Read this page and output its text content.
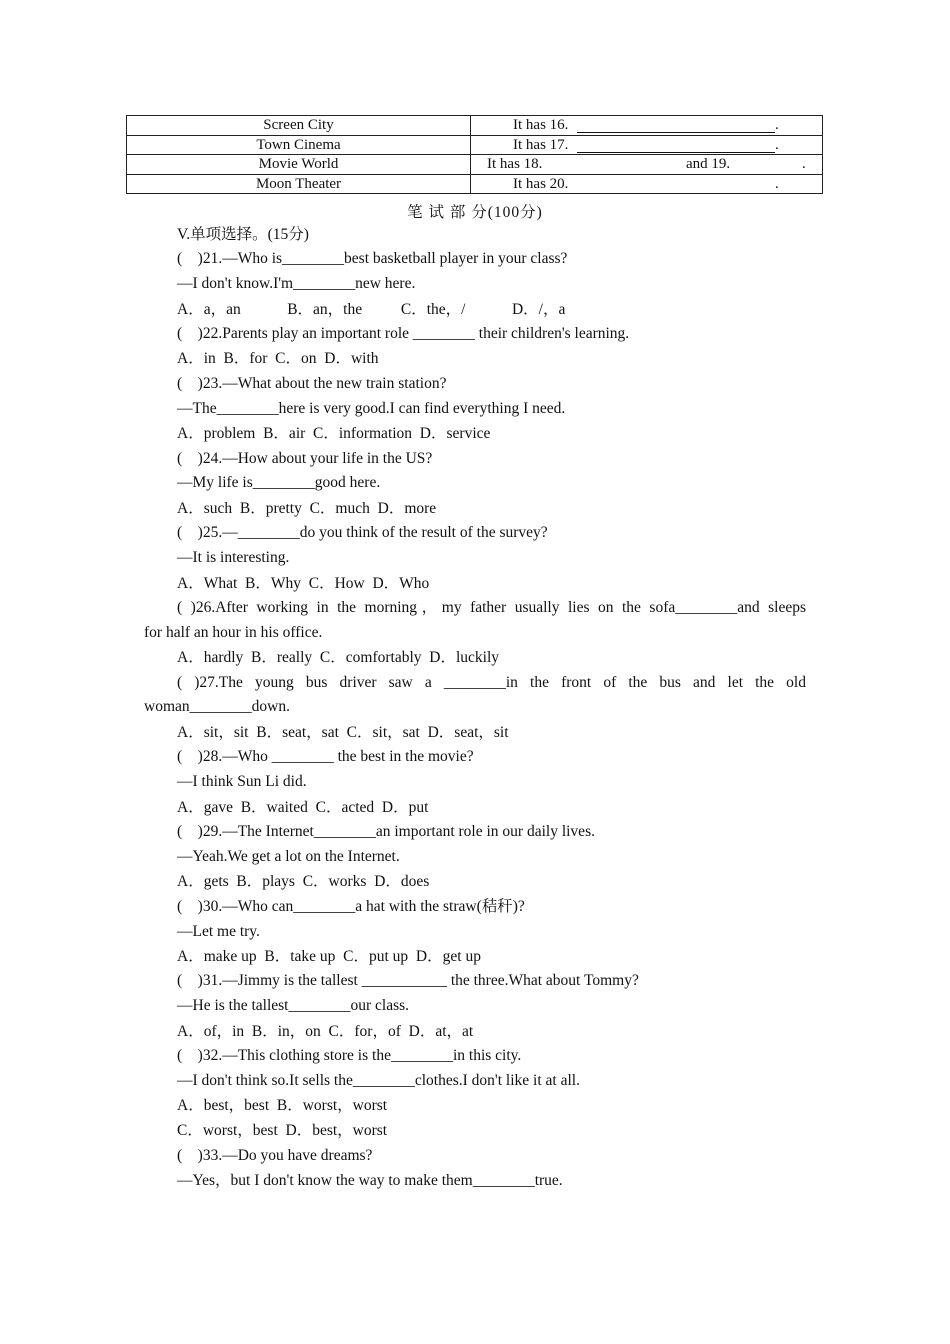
Screen City	It has 16. .

Town Cinema	It has 17. .

Movie World	It has 18. and 19. .

Moon Theater	It has 20. .
笔 试 部 分(100分)
V.单项选择。(15分)
(    )21.—Who is________best basketball player in your class?
—I don't know.I'm________new here.
A．a，an            B．an，the          C．the，/            D．/，a
(    )22.Parents play an important role ________ their children's learning.
A．in  B．for  C．on  D．with
(    )23.—What about the new train station?
—The________here is very good.I can find everything I need.
A．problem  B．air  C．information  D．service
(    )24.—How about your life in the US?
—My life is________good here.
A．such  B．pretty  C．much  D．more
(    )25.—________do you think of the result of the survey?
—It is interesting.
A．What  B．Why  C．How  D．Who
( )26.After working in the morning，my father usually lies on the sofa________and sleeps
for half an hour in his office.
A．hardly  B．really  C．comfortably  D．luckily
( )27.The young bus driver saw a ________in the front of the bus and let the old
woman________down.
A．sit，sit  B．seat，sat  C．sit，sat  D．seat，sit
(    )28.—Who ________ the best in the movie?
—I think Sun Li did.
A．gave  B．waited  C．acted  D．put
(    )29.—The Internet________an important role in our daily lives.
—Yeah.We get a lot on the Internet.
A．gets  B．plays  C．works  D．does
(    )30.—Who can________a hat with the straw(秸秆)?
—Let me try.
A．make up  B．take up  C．put up  D．get up
(    )31.—Jimmy is the tallest ___________ the three.What about Tommy?
—He is the tallest________our class.
A．of，in  B．in，on  C．for，of  D．at，at
(    )32.—This clothing store is the________in this city.
—I don't think so.It sells the________clothes.I don't like it at all.
A．best，best  B．worst，worst
C．worst，best  D．best，worst
(    )33.—Do you have dreams?
—Yes，but I don't know the way to make them________true.
